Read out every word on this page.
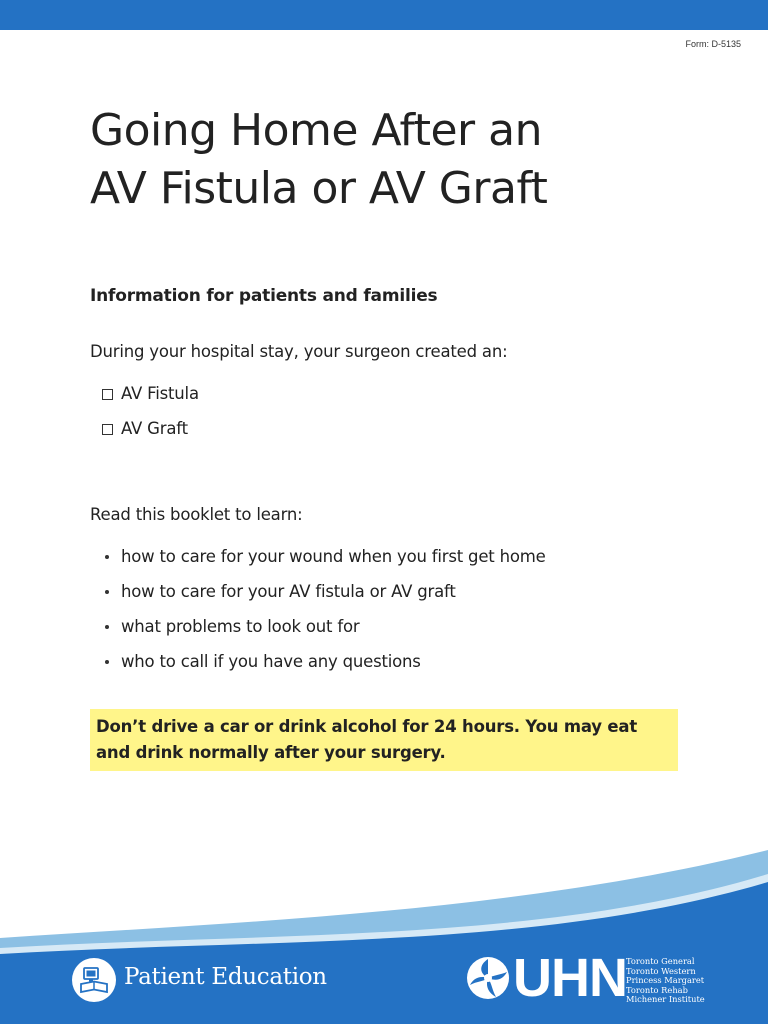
Form: D-5135
Going Home After an
AV Fistula or AV Graft
Information for patients and families

During your hospital stay, your surgeon created an:

AV Fistula
AV Graft

Read this booklet to learn:

how to care for your wound when you first get home
how to care for your AV fistula or AV graft
what problems to look out for
who to call if you have any questions
Don’t drive a car or drink alcohol for 24 hours. You may eat and drink normally after your surgery.
Patient Education	UHN Toronto General
Toronto Western
Princess Margaret
Toronto Rehab
Michener Institute
